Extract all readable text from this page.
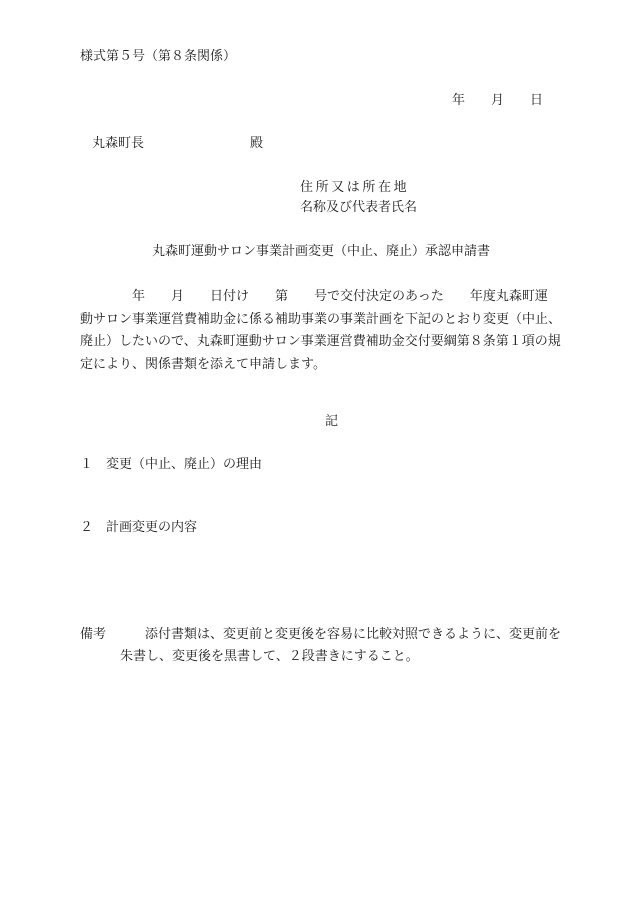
様式第５号（第８条関係）
年　　月　　日
丸森町長	殿
住所又は所在地
名称及び代表者氏名
丸森町運動サロン事業計画変更（中止、廃止）承認申請書
　　　　年　　月　　日付け　　第　　号で交付決定のあった　　年度丸森町運
動サロン事業運営費補助金に係る補助事業の事業計画を下記のとおり変更（中止、
廃止）したいので、丸森町運動サロン事業運営費補助金交付要綱第８条第１項の規
定により、関係書類を添えて申請します。
記
１　変更（中止、廃止）の理由
２　計画変更の内容
備考	添付書類は、変更前と変更後を容易に比較対照できるように、変更前を
朱書し、変更後を黒書して、２段書きにすること。
